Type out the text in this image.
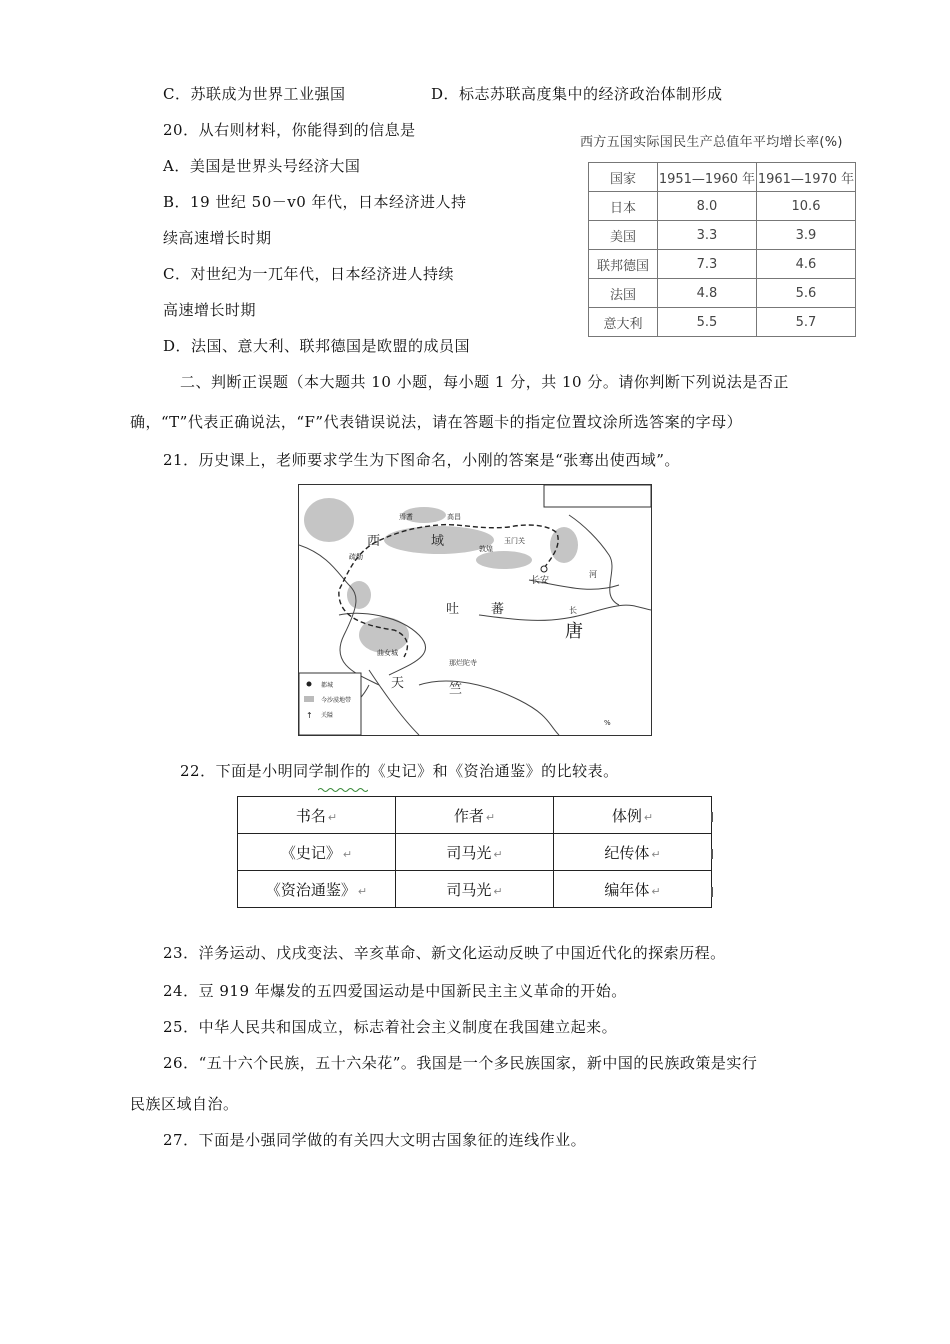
C．苏联成为世界工业强国	D．标志苏联高度集中的经济政治体制形成
20．从右则材料，你能得到的信息是
A．美国是世界头号经济大国
B．19 世纪 50－v0 年代，日本经济进人持
续高速增长时期
C．对世纪为一兀年代，日本经济进人持续
高速增长时期
D．法国、意大利、联邦德国是欧盟的成员国
西方五国实际国民生产总值年平均增长率(%)
国家	1951—1960 年	1961—1970 年
日本	8.0	10.6
美国	3.3	3.9
联邦德国	7.3	4.6
法国	4.8	5.6
意大利	5.5	5.7
二、判断正误题（本大题共 10 小题，每小题 1 分，共 10 分。请你判断下列说法是否正
确，“T”代表正确说法，“F”代表错误说法，请在答题卡的指定位置坟涂所选答案的字母）
21．历史课上，老师要求学生为下图命名，小刚的答案是“张骞出使西域”。
西	域
吐 蕃
唐
天	竺
长安
高昌
玉门关
敦煌
疏勒
焉耆
曲女城
那烂陀寺
长
河
都城
今沙漠地带
↑ 关隘
%
22．下面是小明同学制作的《史记》和《资治通鉴》的比较表。
书名 ↵	作者 ↵	体例 ↵
《史记》 ↵	司马光 ↵	纪传体 ↵
《资治通鉴》 ↵	司马光 ↵	编年体 ↵
23．洋务运动、戊戌变法、辛亥革命、新文化运动反映了中国近代化的探索历程。
24．豆 919 年爆发的五四爱国运动是中国新民主主义革命的开始。
25．中华人民共和国成立，标志着社会主义制度在我国建立起来。
26．“五十六个民族，五十六朵花”。我国是一个多民族国家，新中国的民族政策是实行
民族区域自治。
27．下面是小强同学做的有关四大文明古国象征的连线作业。
